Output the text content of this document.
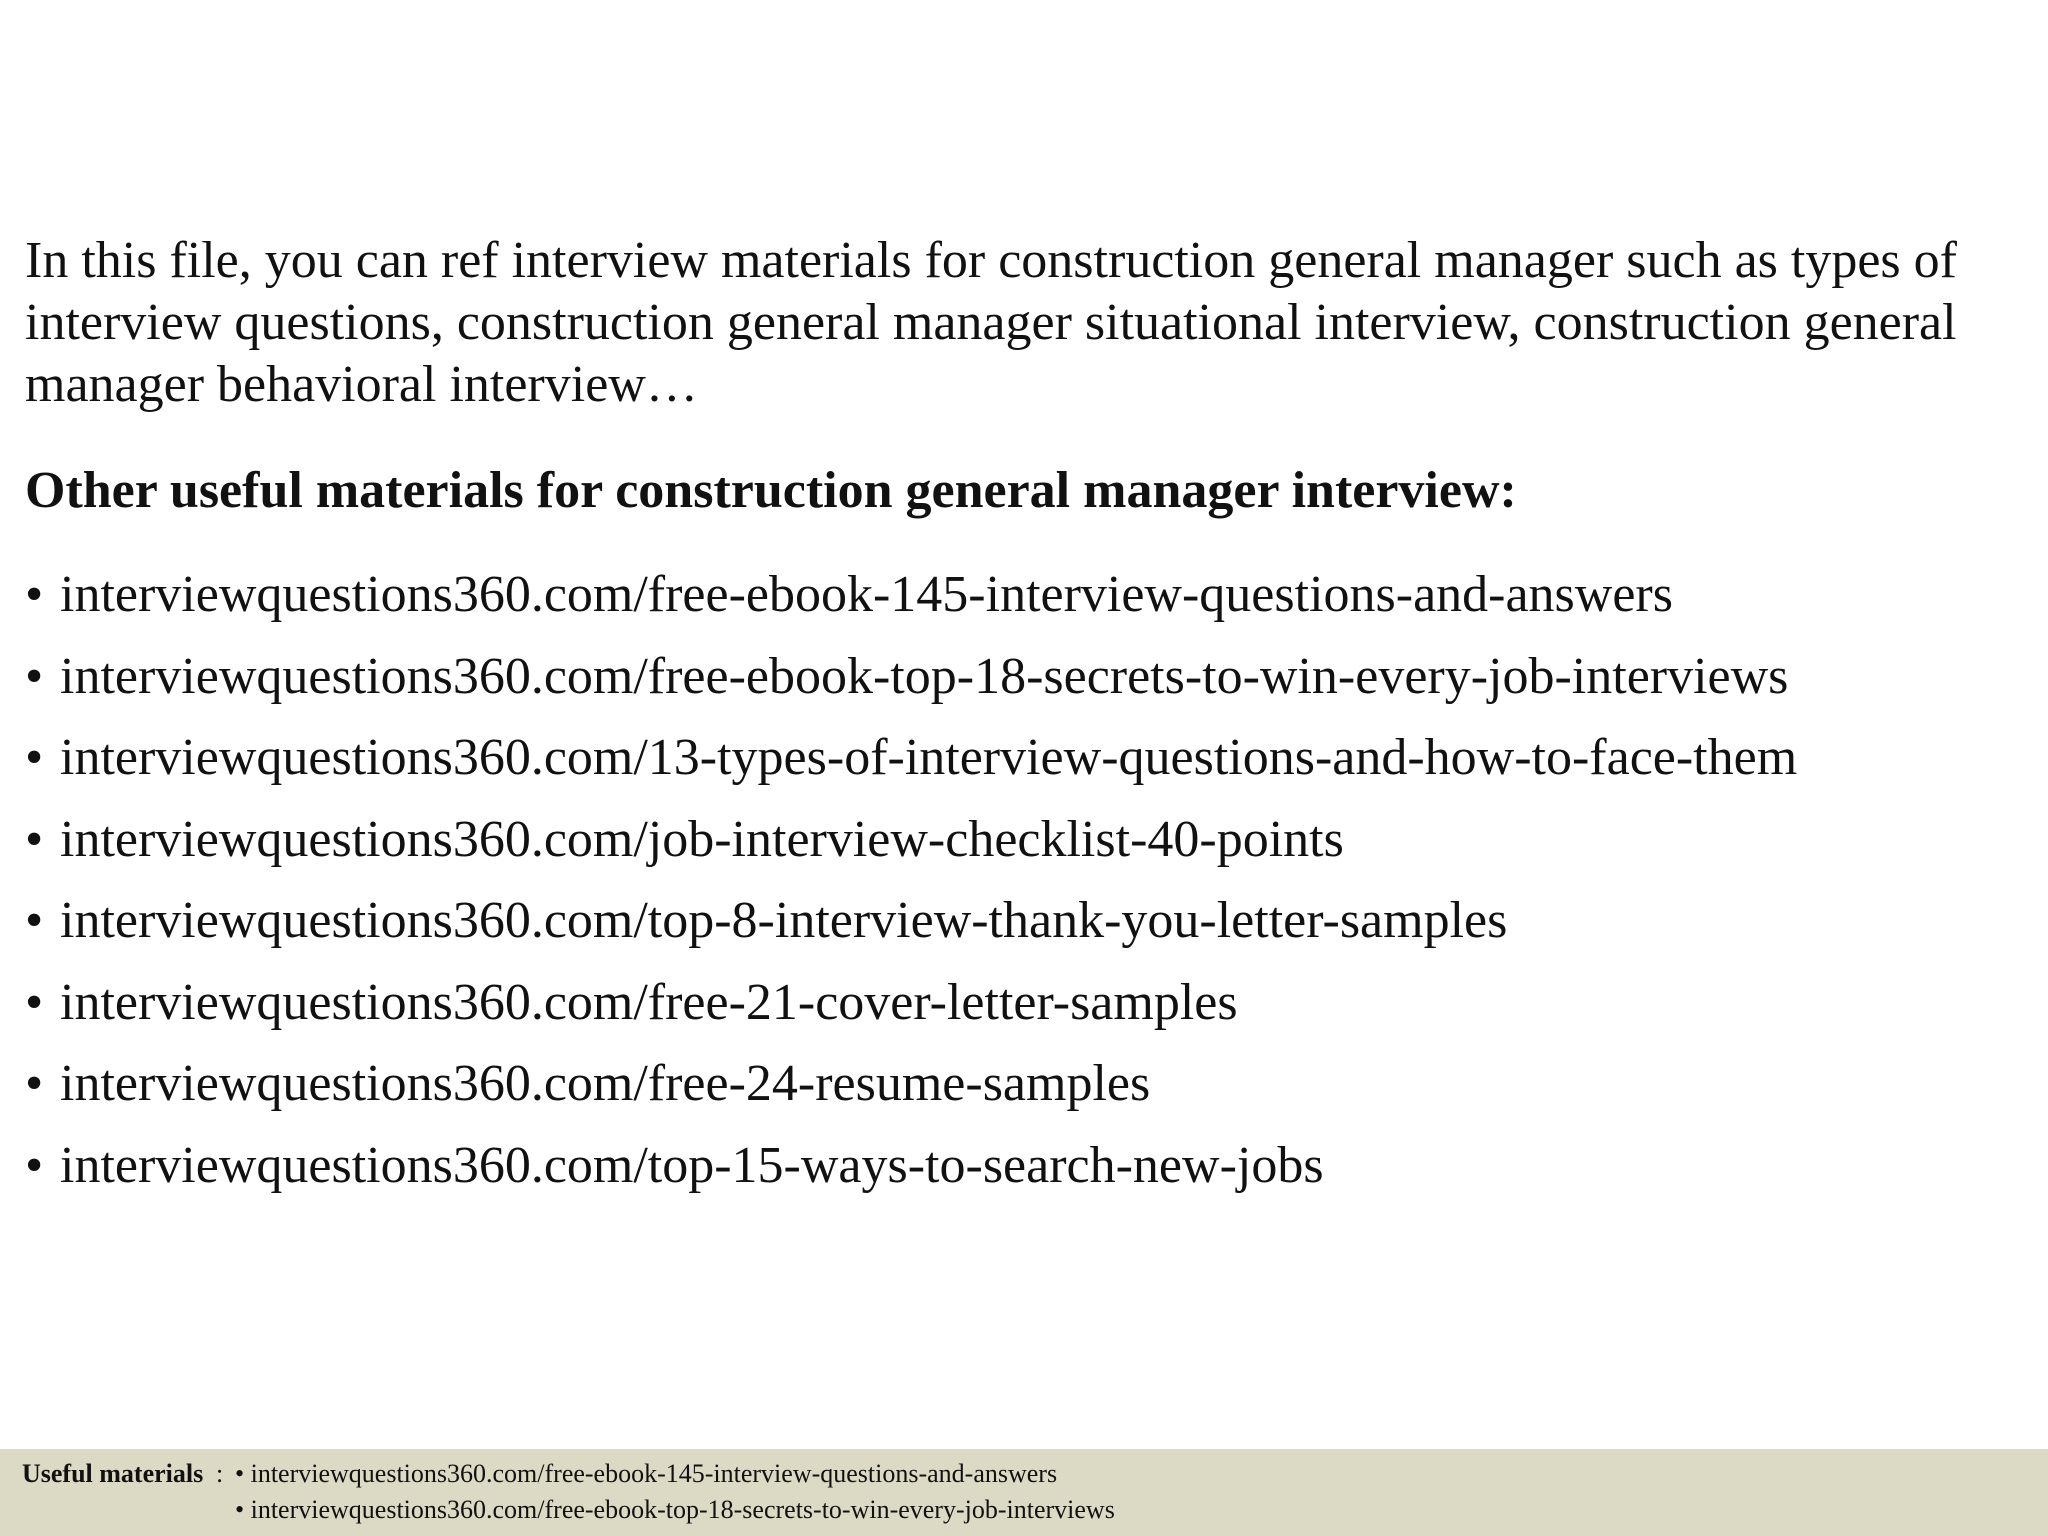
In this file, you can ref interview materials for construction general manager such as types of interview questions, construction general manager situational interview, construction general manager behavioral interview…

Other useful materials for construction general manager interview:

• interviewquestions360.com/free-ebook-145-interview-questions-and-answers
• interviewquestions360.com/free-ebook-top-18-secrets-to-win-every-job-interviews
• interviewquestions360.com/13-types-of-interview-questions-and-how-to-face-them
• interviewquestions360.com/job-interview-checklist-40-points
• interviewquestions360.com/top-8-interview-thank-you-letter-samples
• interviewquestions360.com/free-21-cover-letter-samples
• interviewquestions360.com/free-24-resume-samples
• interviewquestions360.com/top-15-ways-to-search-new-jobs
Useful materials : • interviewquestions360.com/free-ebook-145-interview-questions-and-answers
• interviewquestions360.com/free-ebook-top-18-secrets-to-win-every-job-interviews
